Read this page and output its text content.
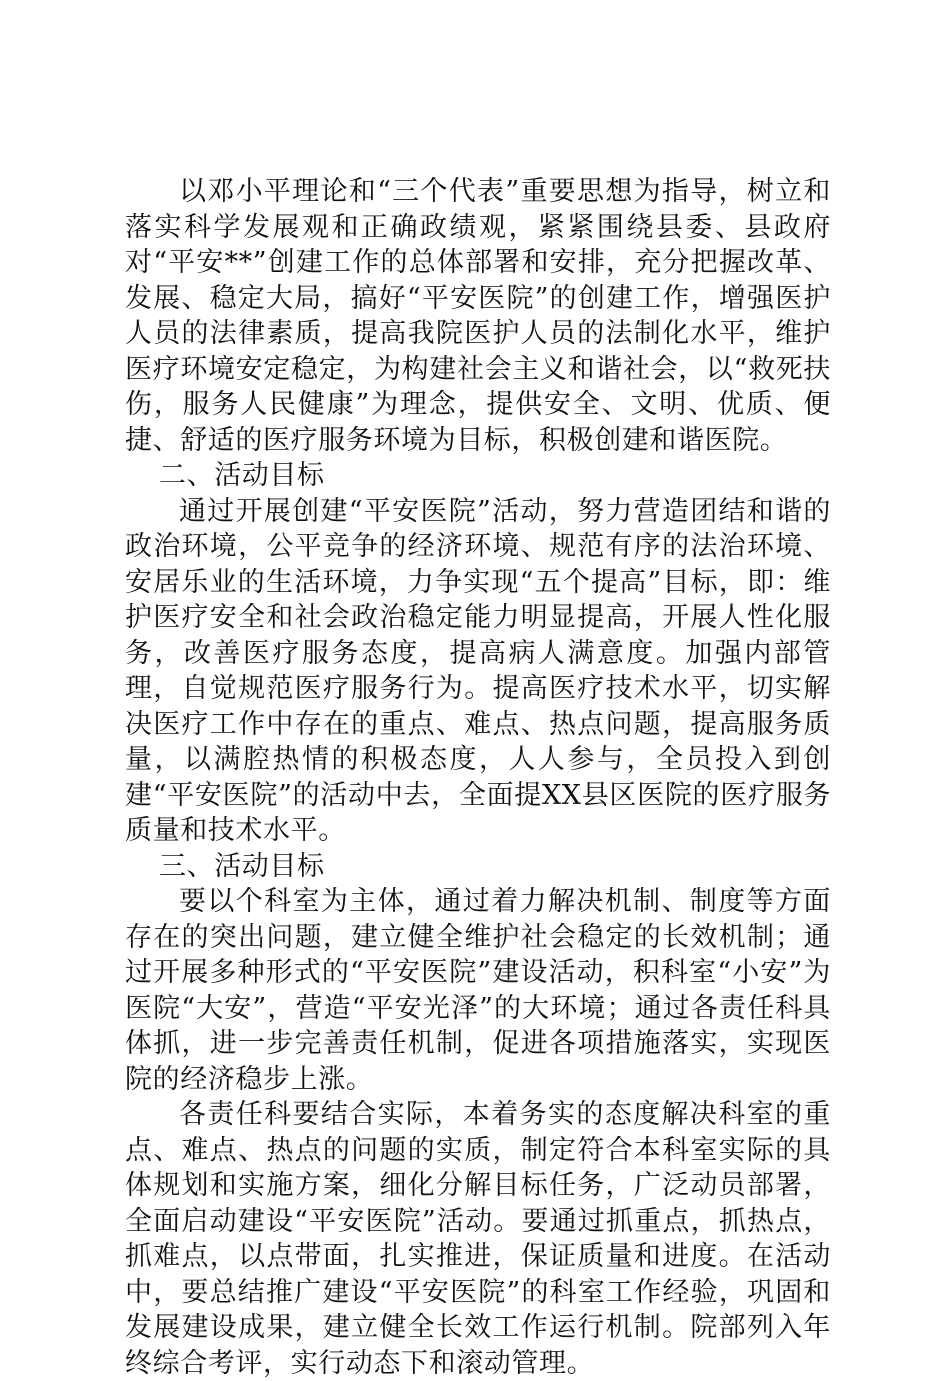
以邓小平理论和“三个代表”重要思想为指导，树立和落实科学发展观和正确政绩观，紧紧围绕县委、县政府对“平安**”创建工作的总体部署和安排，充分把握改革、发展、稳定大局，搞好“平安医院”的创建工作，增强医护人员的法律素质，提高我院医护人员的法制化水平，维护医疗环境安定稳定，为构建社会主义和谐社会，以“救死扶伤，服务人民健康”为理念，提供安全、文明、优质、便捷、舒适的医疗服务环境为目标，积极创建和谐医院。

二、活动目标

通过开展创建“平安医院”活动，努力营造团结和谐的政治环境，公平竞争的经济环境、规范有序的法治环境、安居乐业的生活环境，力争实现“五个提高”目标，即：维护医疗安全和社会政治稳定能力明显提高，开展人性化服务，改善医疗服务态度，提高病人满意度。加强内部管理，自觉规范医疗服务行为。提高医疗技术水平，切实解决医疗工作中存在的重点、难点、热点问题，提高服务质量，以满腔热情的积极态度，人人参与，全员投入到创建“平安医院”的活动中去，全面提XX县区医院的医疗服务质量和技术水平。

三、活动目标

要以个科室为主体，通过着力解决机制、制度等方面存在的突出问题，建立健全维护社会稳定的长效机制；通过开展多种形式的“平安医院”建设活动，积科室“小安”为医院“大安”，营造“平安光泽”的大环境；通过各责任科具体抓，进一步完善责任机制，促进各项措施落实，实现医院的经济稳步上涨。

各责任科要结合实际，本着务实的态度解决科室的重点、难点、热点的问题的实质，制定符合本科室实际的具体规划和实施方案，细化分解目标任务，广泛动员部署，全面启动建设“平安医院”活动。要通过抓重点，抓热点，抓难点，以点带面，扎实推进，保证质量和进度。在活动中，要总结推广建设“平安医院”的科室工作经验，巩固和发展建设成果，建立健全长效工作运行机制。院部列入年终综合考评，实行动态下和滚动管理。
